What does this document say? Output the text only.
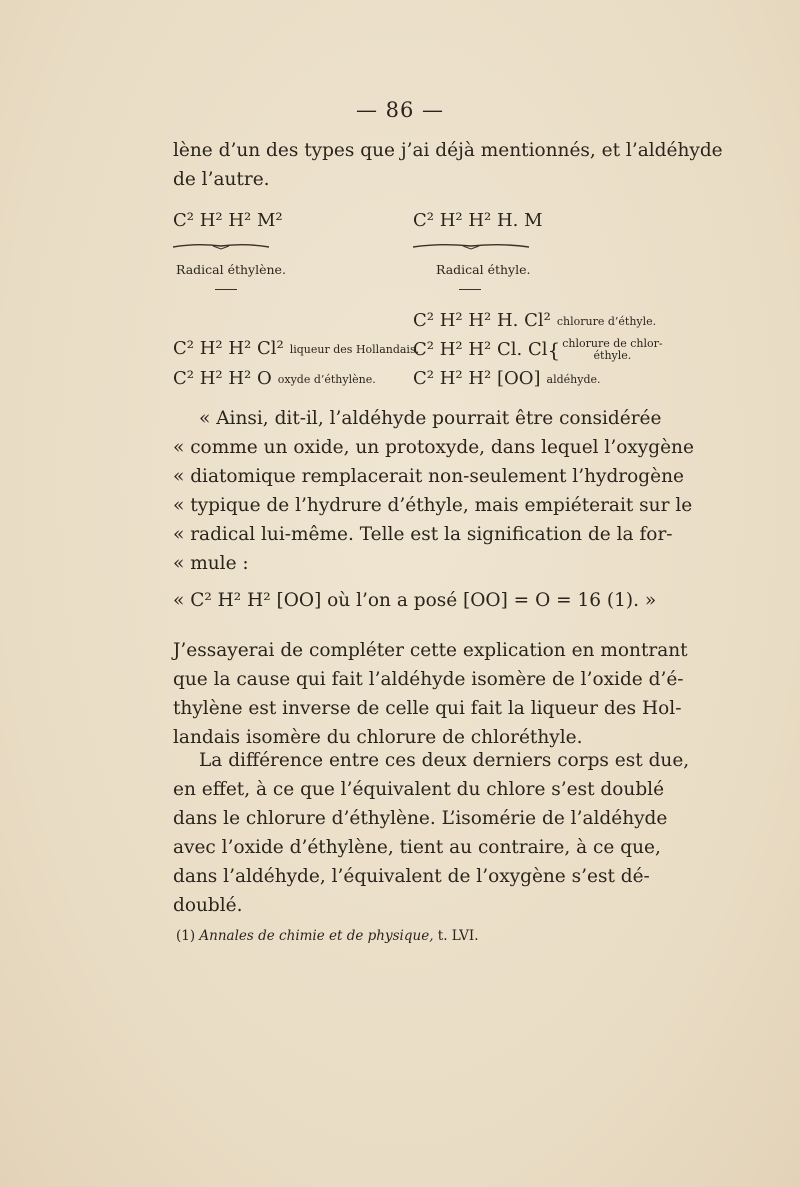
— 86 —

lène d’un des types que j’ai déjà mentionnés, et l’aldéhyde
de l’autre.

C² H² H² M²	C² H² H² H. M
Radical éthylène.	Radical éthyle.
C² H² H² H. Cl² chlorure d’éthyle.
C² H² H² Cl² liqueur des Hollandais.
C² H² H² Cl. Cl{ chlorure de chlor-
éthyle.
C² H² H² O oxyde d’éthylène. C² H² H² [OO] aldéhyde.

« Ainsi, dit-il, l’aldéhyde pourrait être considérée
« comme un oxide, un protoxyde, dans lequel l’oxygène
« diatomique remplacerait non-seulement l’hydrogène
« typique de l’hydrure d’éthyle, mais empiéterait sur le
« radical lui-même. Telle est la signification de la for-
« mule :

« C² H² H² [OO] où l’on a posé [OO] = O = 16 (1). »

J’essayerai de compléter cette explication en montrant
que la cause qui fait l’aldéhyde isomère de l’oxide d’é-
thylène est inverse de celle qui fait la liqueur des Hol-
landais isomère du chlorure de chloréthyle.

La différence entre ces deux derniers corps est due,
en effet, à ce que l’équivalent du chlore s’est doublé
dans le chlorure d’éthylène. L’isomérie de l’aldéhyde
avec l’oxide d’éthylène, tient au contraire, à ce que,
dans l’aldéhyde, l’équivalent de l’oxygène s’est dé-
doublé.

(1) Annales de chimie et de physique, t. LVI.
